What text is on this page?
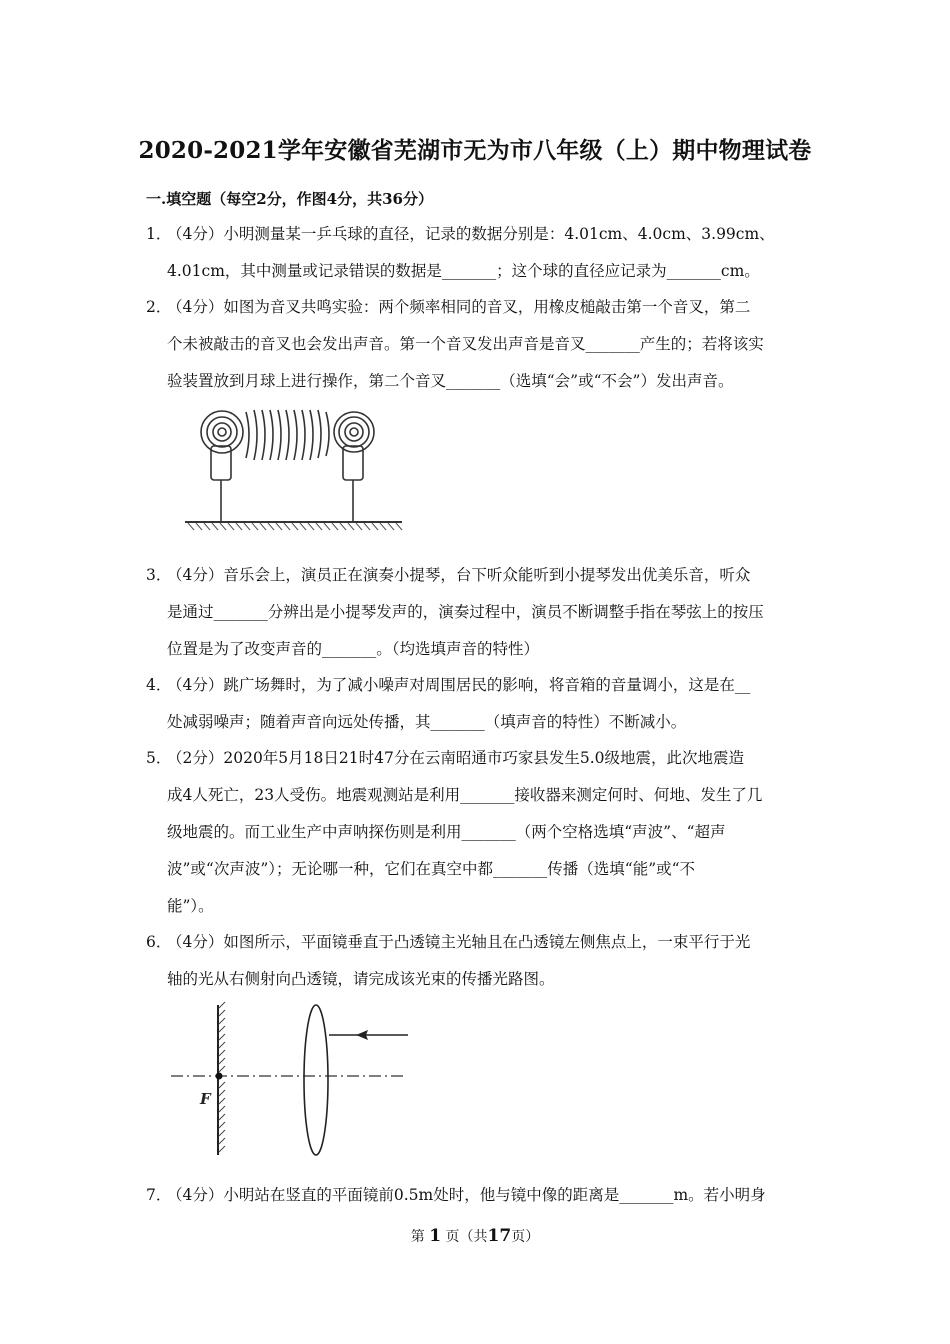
2020-2021学年安徽省芜湖市无为市八年级（上）期中物理试卷
一.填空题（每空2分，作图4分，共36分）
1．
（4分）小明测量某一乒乓球的直径，记录的数据分别是：4.01cm、4.0cm、3.99cm、
4.01cm，其中测量或记录错误的数据是_______；这个球的直径应记录为_______cm。
2．
（4分）如图为音叉共鸣实验：两个频率相同的音叉，用橡皮槌敲击第一个音叉，第二
个未被敲击的音叉也会发出声音。第一个音叉发出声音是音叉_______产生的；若将该实
验装置放到月球上进行操作，第二个音叉_______（选填“会”或“不会”）发出声音。
3．
（4分）音乐会上，演员正在演奏小提琴，台下听众能听到小提琴发出优美乐音，听众
是通过_______分辨出是小提琴发声的，演奏过程中，演员不断调整手指在琴弦上的按压
位置是为了改变声音的_______。（均选填声音的特性）
4．
（4分）跳广场舞时，为了减小噪声对周围居民的影响，将音箱的音量调小，这是在__
处减弱噪声；随着声音向远处传播，其_______（填声音的特性）不断减小。
5．
（2分）2020年5月18日21时47分在云南昭通市巧家县发生5.0级地震，此次地震造
成4人死亡，23人受伤。地震观测站是利用_______接收器来测定何时、何地、发生了几
级地震的。而工业生产中声呐探伤则是利用_______（两个空格选填“声波”、“超声
波”或“次声波”）；无论哪一种，它们在真空中都_______传播（选填“能”或“不
能”）。
6．
（4分）如图所示，平面镜垂直于凸透镜主光轴且在凸透镜左侧焦点上，一束平行于光
轴的光从右侧射向凸透镜，请完成该光束的传播光路图。
F
7．
（4分）小明站在竖直的平面镜前0.5m处时，他与镜中像的距离是_______m。若小明身
第 1 页（共17页）
